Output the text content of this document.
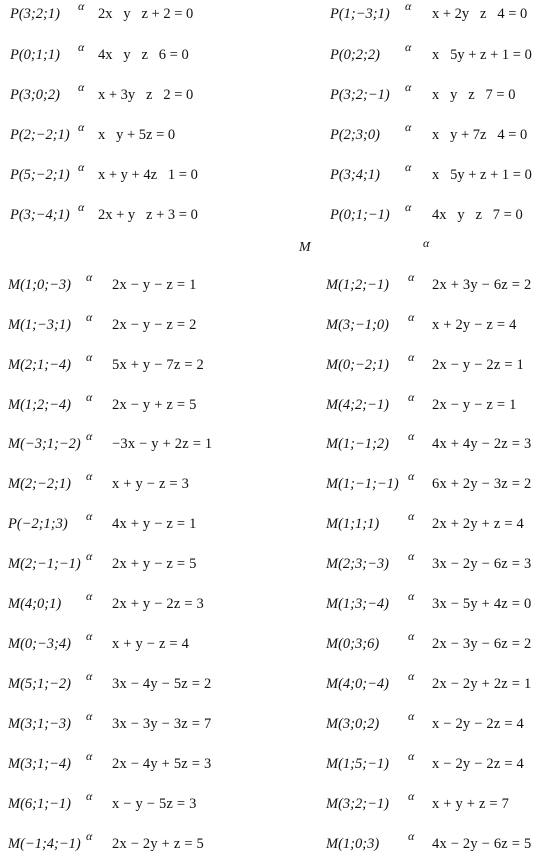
P(3;2;1) α 2x   y   z + 2 = 0	P(1;−3;1) α x + 2y   z   4 = 0
P(0;1;1) α 4x   y   z   6 = 0	P(0;2;2) α x   5y + z + 1 = 0
P(3;0;2) α x + 3y   z   2 = 0	P(3;2;−1) α x   y   z   7 = 0
P(2;−2;1) α x   y + 5z = 0	P(2;3;0) α x   y + 7z   4 = 0
P(5;−2;1) α x + y + 4z   1 = 0	P(3;4;1) α x   5y + z + 1 = 0
P(3;−4;1) α 2x + y   z + 3 = 0	P(0;1;−1) α 4x   y   z   7 = 0
M	α
M(1;0;−3) α 2x − y − z = 1	M(1;2;−1) α 2x + 3y − 6z = 2
M(1;−3;1) α 2x − y − z = 2	M(3;−1;0) α x + 2y − z = 4
M(2;1;−4) α 5x + y − 7z = 2	M(0;−2;1) α 2x − y − 2z = 1
M(1;2;−4) α 2x − y + z = 5	M(4;2;−1) α 2x − y − z = 1
M(−3;1;−2) α −3x − y + 2z = 1	M(1;−1;2) α 4x + 4y − 2z = 3
M(2;−2;1) α x + y − z = 3	M(1;−1;−1) α 6x + 2y − 3z = 2
P(−2;1;3) α 4x + y − z = 1	M(1;1;1) α 2x + 2y + z = 4
M(2;−1;−1) α 2x + y − z = 5	M(2;3;−3) α 3x − 2y − 6z = 3
M(4;0;1) α 2x + y − 2z = 3	M(1;3;−4) α 3x − 5y + 4z = 0
M(0;−3;4) α x + y − z = 4	M(0;3;6) α 2x − 3y − 6z = 2
M(5;1;−2) α 3x − 4y − 5z = 2	M(4;0;−4) α 2x − 2y + 2z = 1
M(3;1;−3) α 3x − 3y − 3z = 7	M(3;0;2) α x − 2y − 2z = 4
M(3;1;−4) α 2x − 4y + 5z = 3	M(1;5;−1) α x − 2y − 2z = 4
M(6;1;−1) α x − y − 5z = 3	M(3;2;−1) α x + y + z = 7
M(−1;4;−1) α 2x − 2y + z = 5	M(1;0;3) α 4x − 2y − 6z = 5
